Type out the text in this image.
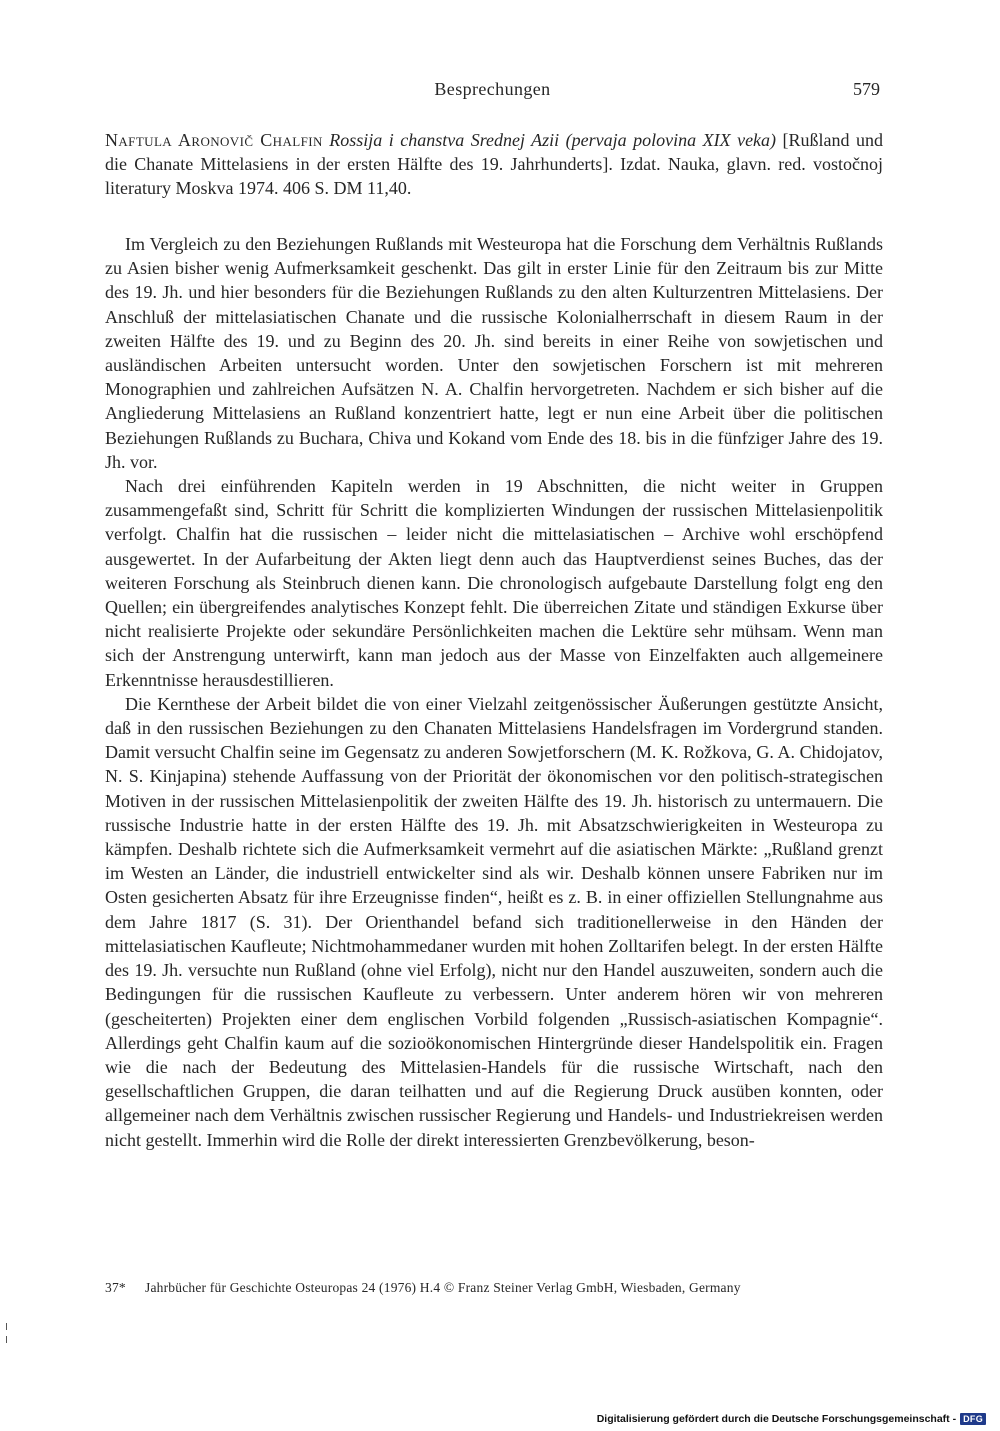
Besprechungen	579
Naftula Aronovič Chalfin Rossija i chanstva Srednej Azii (pervaja polovina XIX veka) [Rußland und die Chanate Mittelasiens in der ersten Hälfte des 19. Jahrhunderts]. Izdat. Nauka, glavn. red. vostočnoj literatury Moskva 1974. 406 S. DM 11,40.

Im Vergleich zu den Beziehungen Rußlands mit Westeuropa hat die Forschung dem Verhältnis Rußlands zu Asien bisher wenig Aufmerksamkeit geschenkt. Das gilt in erster Linie für den Zeitraum bis zur Mitte des 19. Jh. und hier besonders für die Beziehungen Rußlands zu den alten Kulturzentren Mittelasiens. Der Anschluß der mittelasiatischen Chanate und die russische Kolonialherrschaft in diesem Raum in der zweiten Hälfte des 19. und zu Beginn des 20. Jh. sind bereits in einer Reihe von sowjetischen und ausländischen Arbeiten untersucht worden. Unter den sowjetischen Forschern ist mit mehreren Monographien und zahlreichen Aufsätzen N. A. Chalfin hervorgetreten. Nachdem er sich bisher auf die Angliederung Mittelasiens an Rußland konzentriert hatte, legt er nun eine Arbeit über die politischen Beziehungen Rußlands zu Buchara, Chiva und Kokand vom Ende des 18. bis in die fünfziger Jahre des 19. Jh. vor.

Nach drei einführenden Kapiteln werden in 19 Abschnitten, die nicht weiter in Gruppen zusammengefaßt sind, Schritt für Schritt die komplizierten Windungen der russischen Mittelasienpolitik verfolgt. Chalfin hat die russischen – leider nicht die mittelasiatischen – Archive wohl erschöpfend ausgewertet. In der Aufarbeitung der Akten liegt denn auch das Hauptverdienst seines Buches, das der weiteren Forschung als Steinbruch dienen kann. Die chronologisch aufgebaute Darstellung folgt eng den Quellen; ein übergreifendes analytisches Konzept fehlt. Die überreichen Zitate und ständigen Exkurse über nicht realisierte Projekte oder sekundäre Persönlichkeiten machen die Lektüre sehr mühsam. Wenn man sich der Anstrengung unterwirft, kann man jedoch aus der Masse von Einzelfakten auch allgemeinere Erkenntnisse herausdestillieren.

Die Kernthese der Arbeit bildet die von einer Vielzahl zeitgenössischer Äußerungen gestützte Ansicht, daß in den russischen Beziehungen zu den Chanaten Mittelasiens Handelsfragen im Vordergrund standen. Damit versucht Chalfin seine im Gegensatz zu anderen Sowjetforschern (M. K. Rožkova, G. A. Chidojatov, N. S. Kinjapina) stehende Auffassung von der Priorität der ökonomischen vor den politisch-strategischen Motiven in der russischen Mittelasienpolitik der zweiten Hälfte des 19. Jh. historisch zu untermauern. Die russische Industrie hatte in der ersten Hälfte des 19. Jh. mit Absatzschwierigkeiten in Westeuropa zu kämpfen. Deshalb richtete sich die Aufmerksamkeit vermehrt auf die asiatischen Märkte: „Rußland grenzt im Westen an Länder, die industriell entwickelter sind als wir. Deshalb können unsere Fabriken nur im Osten gesicherten Absatz für ihre Erzeugnisse finden“, heißt es z. B. in einer offiziellen Stellungnahme aus dem Jahre 1817 (S. 31). Der Orienthandel befand sich traditionellerweise in den Händen der mittelasiatischen Kaufleute; Nichtmohammedaner wurden mit hohen Zolltarifen belegt. In der ersten Hälfte des 19. Jh. versuchte nun Rußland (ohne viel Erfolg), nicht nur den Handel auszuweiten, sondern auch die Bedingungen für die russischen Kaufleute zu verbessern. Unter anderem hören wir von mehreren (gescheiterten) Projekten einer dem englischen Vorbild folgenden „Russisch-asiatischen Kompagnie“. Allerdings geht Chalfin kaum auf die sozioökonomischen Hintergründe dieser Handelspolitik ein. Fragen wie die nach der Bedeutung des Mittelasien-Handels für die russische Wirtschaft, nach den gesellschaftlichen Gruppen, die daran teilhatten und auf die Regierung Druck ausüben konnten, oder allgemeiner nach dem Verhältnis zwischen russischer Regierung und Handels- und Industriekreisen werden nicht gestellt. Immerhin wird die Rolle der direkt interessierten Grenzbevölkerung, beson-

37*	Jahrbücher für Geschichte Osteuropas 24 (1976) H.4 © Franz Steiner Verlag GmbH, Wiesbaden, Germany
Digitalisierung gefördert durch die Deutsche Forschungsgemeinschaft - DFG
